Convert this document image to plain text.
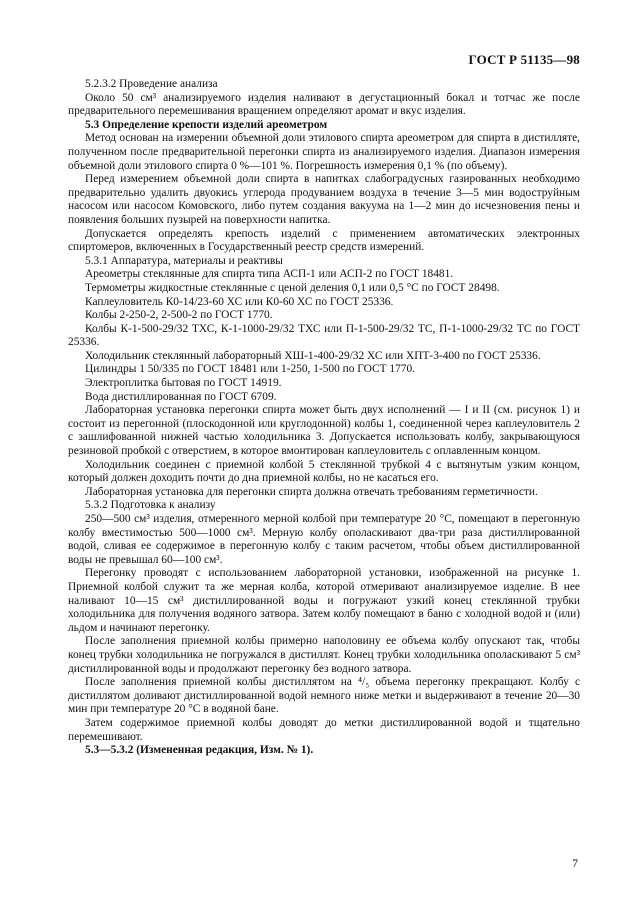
ГОСТ Р 51135—98

5.2.3.2 Проведение анализа

Около 50 см³ анализируемого изделия наливают в дегустационный бокал и тотчас же после предварительного перемешивания вращением определяют аромат и вкус изделия.

5.3 Определение крепости изделий ареометром

Метод основан на измерении объемной доли этилового спирта ареометром для спирта в дистилляте, полученном после предварительной перегонки спирта из анализируемого изделия. Диапазон измерения объемной доли этилового спирта 0 %—101 %. Погрешность измерения 0,1 % (по объему).

Перед измерением объемной доли спирта в напитках слабоградусных газированных необходимо предварительно удалить двуокись углерода продуванием воздуха в течение 3—5 мин водоструйным насосом или насосом Комовского, либо путем создания вакуума на 1—2 мин до исчезновения пены и появления больших пузырей на поверхности напитка.

Допускается определять крепость изделий с применением автоматических электронных спиртомеров, включенных в Государственный реестр средств измерений.

5.3.1 Аппаратура, материалы и реактивы

Ареометры стеклянные для спирта типа АСП-1 или АСП-2 по ГОСТ 18481.

Термометры жидкостные стеклянные с ценой деления 0,1 или 0,5 °С по ГОСТ 28498.

Каплеуловитель К0-14/23-60 ХС или К0-60 ХС по ГОСТ 25336.

Колбы 2-250-2, 2-500-2 по ГОСТ 1770.

Колбы К-1-500-29/32 ТХС, К-1-1000-29/32 ТХС или П-1-500-29/32 ТС, П-1-1000-29/32 ТС по ГОСТ 25336.

Холодильник стеклянный лабораторный ХШ-1-400-29/32 ХС или ХПТ-3-400 по ГОСТ 25336.

Цилиндры 1 50/335 по ГОСТ 18481 или 1-250, 1-500 по ГОСТ 1770.

Электроплитка бытовая по ГОСТ 14919.

Вода дистиллированная по ГОСТ 6709.

Лабораторная установка перегонки спирта может быть двух исполнений — I и II (см. рисунок 1) и состоит из перегонной (плоскодонной или круглодонной) колбы 1, соединенной через каплеуловитель 2 с зашлифованной нижней частью холодильника 3. Допускается использовать колбу, закрывающуюся резиновой пробкой с отверстием, в которое вмонтирован каплеуловитель с оплавленным концом.

Холодильник соединен с приемной колбой 5 стеклянной трубкой 4 с вытянутым узким концом, который должен доходить почти до дна приемной колбы, но не касаться его.

Лабораторная установка для перегонки спирта должна отвечать требованиям герметичности.

5.3.2 Подготовка к анализу

250—500 см³ изделия, отмеренного мерной колбой при температуре 20 °С, помещают в перегонную колбу вместимостью 500—1000 см³. Мерную колбу ополаскивают два-три раза дистиллированной водой, сливая ее содержимое в перегонную колбу с таким расчетом, чтобы объем дистиллированной воды не превышал 60—100 см³.

Перегонку проводят с использованием лабораторной установки, изображенной на рисунке 1. Приемной колбой служит та же мерная колба, которой отмеривают анализируемое изделие. В нее наливают 10—15 см³ дистиллированной воды и погружают узкий конец стеклянной трубки холодильника для получения водяного затвора. Затем колбу помещают в баню с холодной водой и (или) льдом и начинают перегонку.

После заполнения приемной колбы примерно наполовину ее объема колбу опускают так, чтобы конец трубки холодильника не погружался в дистиллят. Конец трубки холодильника ополаскивают 5 см³ дистиллированной воды и продолжают перегонку без водного затвора.

После заполнения приемной колбы дистиллятом на ⁴/₅ объема перегонку прекращают. Колбу с дистиллятом доливают дистиллированной водой немного ниже метки и выдерживают в течение 20—30 мин при температуре 20 °С в водяной бане.

Затем содержимое приемной колбы доводят до метки дистиллированной водой и тщательно перемешивают.

5.3—5.3.2 (Измененная редакция, Изм. № 1).

7
